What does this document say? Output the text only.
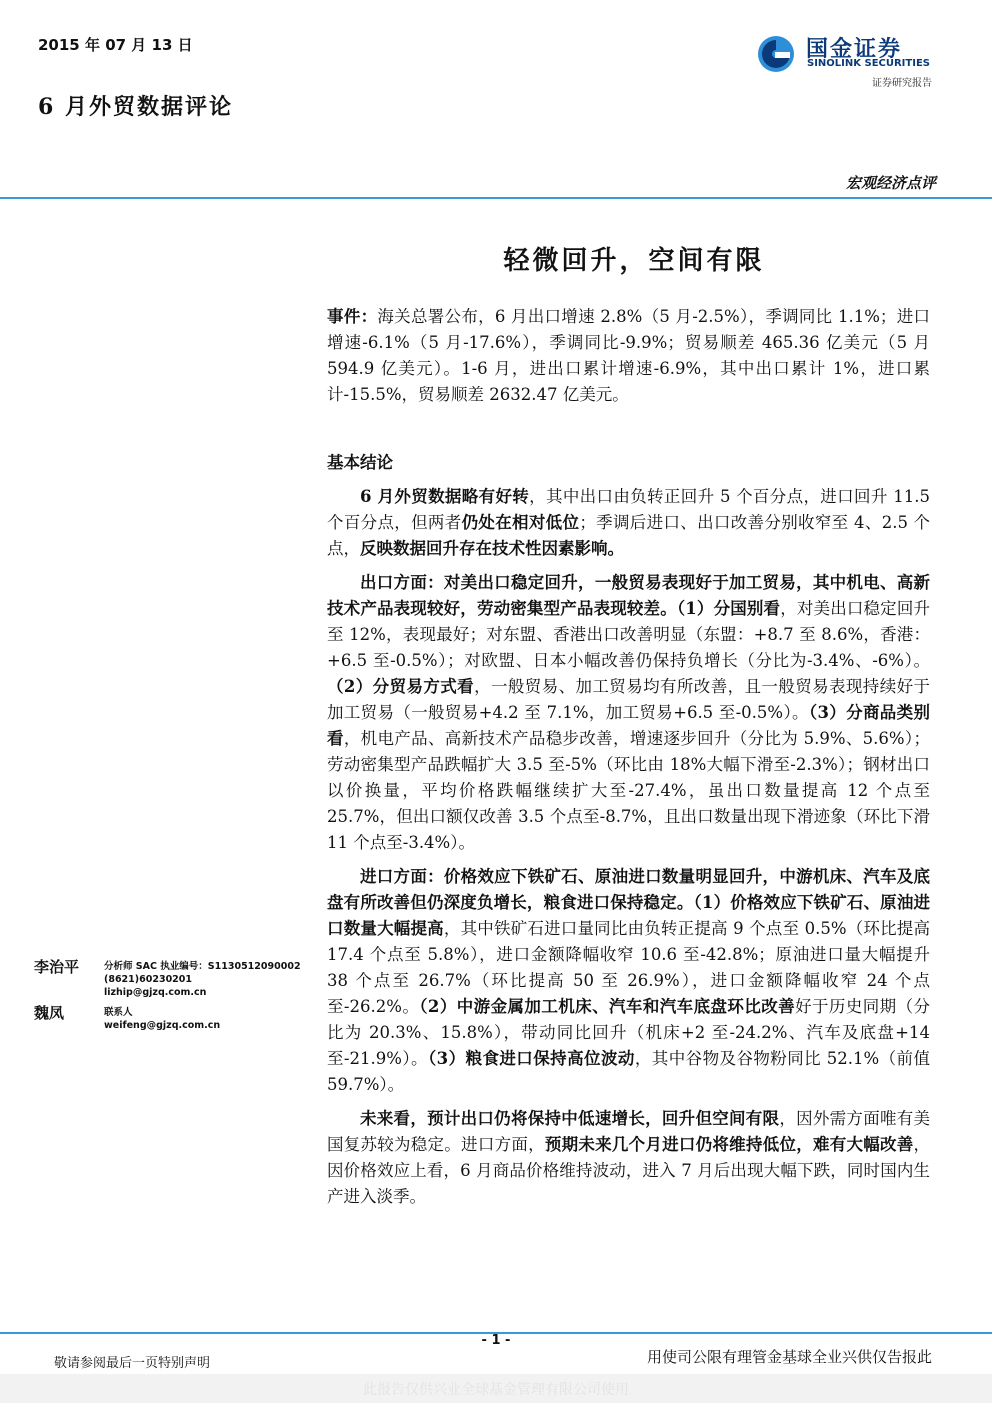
2015 年 07 月 13 日
6 月外贸数据评论
国金证券
SINOLINK SECURITIES
证券研究报告
宏观经济点评
轻微回升，空间有限

事件：海关总署公布，6 月出口增速 2.8%（5 月-2.5%），季调同比 1.1%；进口增速-6.1%（5 月-17.6%），季调同比-9.9%；贸易顺差 465.36 亿美元（5 月 594.9 亿美元）。1-6 月，进出口累计增速-6.9%，其中出口累计 1%，进口累计-15.5%，贸易顺差 2632.47 亿美元。

基本结论

6 月外贸数据略有好转，其中出口由负转正回升 5 个百分点，进口回升 11.5 个百分点，但两者仍处在相对低位；季调后进口、出口改善分别收窄至 4、2.5 个点，反映数据回升存在技术性因素影响。

出口方面：对美出口稳定回升，一般贸易表现好于加工贸易，其中机电、高新技术产品表现较好，劳动密集型产品表现较差。（1）分国别看，对美出口稳定回升至 12%，表现最好；对东盟、香港出口改善明显（东盟：+8.7 至 8.6%，香港：+6.5 至-0.5%）；对欧盟、日本小幅改善仍保持负增长（分比为-3.4%、-6%）。（2）分贸易方式看，一般贸易、加工贸易均有所改善，且一般贸易表现持续好于加工贸易（一般贸易+4.2 至 7.1%，加工贸易+6.5 至-0.5%）。（3）分商品类别看，机电产品、高新技术产品稳步改善，增速逐步回升（分比为 5.9%、5.6%）；劳动密集型产品跌幅扩大 3.5 至-5%（环比由 18%大幅下滑至-2.3%）；钢材出口以价换量，平均价格跌幅继续扩大至-27.4%，虽出口数量提高 12 个点至 25.7%，但出口额仅改善 3.5 个点至-8.7%，且出口数量出现下滑迹象（环比下滑 11 个点至-3.4%）。

进口方面：价格效应下铁矿石、原油进口数量明显回升，中游机床、汽车及底盘有所改善但仍深度负增长，粮食进口保持稳定。（1）价格效应下铁矿石、原油进口数量大幅提高，其中铁矿石进口量同比由负转正提高 9 个点至 0.5%（环比提高 17.4 个点至 5.8%），进口金额降幅收窄 10.6 至-42.8%；原油进口量大幅提升 38 个点至 26.7%（环比提高 50 至 26.9%），进口金额降幅收窄 24 个点至-26.2%。（2）中游金属加工机床、汽车和汽车底盘环比改善好于历史同期（分比为 20.3%、15.8%），带动同比回升（机床+2 至-24.2%、汽车及底盘+14 至-21.9%）。（3）粮食进口保持高位波动，其中谷物及谷物粉同比 52.1%（前值 59.7%）。

未来看，预计出口仍将保持中低速增长，回升但空间有限，因外需方面唯有美国复苏较为稳定。进口方面，预期未来几个月进口仍将维持低位，难有大幅改善，因价格效应上看，6 月商品价格维持波动，进入 7 月后出现大幅下跌，同时国内生产进入淡季。

李治平	分析师 SAC 执业编号：S1130512090002
(8621)60230201
lizhip@gjzq.com.cn
魏凤	联系人
weifeng@gjzq.com.cn
- 1 -
敬请参阅最后一页特别声明	用使司公限有理管金基球全业兴供仅告报此
此报告仅供兴业全球基金管理有限公司使用
